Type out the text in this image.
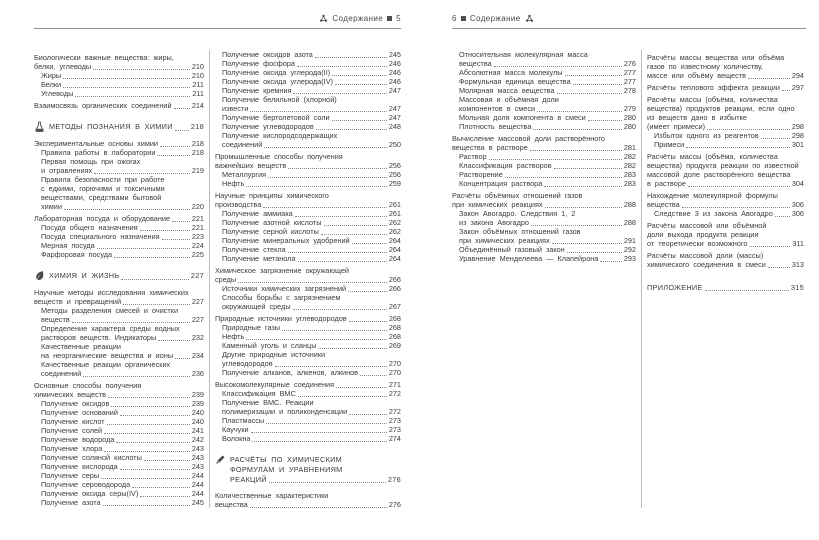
Содержание 5
Биологически важные вещества: жиры,
белки, углеводы	210
Жиры	210
Белки	211
Углеводы	211
Взаимосвязь органических соединений	214
МЕТОДЫ ПОЗНАНИЯ В ХИМИИ 218
Экспериментальные основы химии	218
Правила работы в лаборатории	218
Первая помощь при ожогах
и отравлениях	219
Правила безопасности при работе
с едкими, горючими и токсичными
веществами, средствами бытовой
химии	220
Лабораторная посуда и оборудование	221
Посуда общего назначения	221
Посуда специального назначения	223
Мерная посуда	224
Фарфоровая посуда	225
ХИМИЯ И ЖИЗНЬ	227
Научные методы исследования химических
веществ и превращений	227
Методы разделения смесей и очистки
веществ	227
Определение характера среды водных
растворов веществ. Индикаторы	232
Качественные реакции
на неорганические вещества и ионы	234
Качественные реакции органических
соединений	236
Основные способы получения
химических веществ	239
Получение оксидов	239
Получение оснований	240
Получение кислот	240
Получение солей	241
Получение водорода	242
Получение хлора	243
Получение соляной кислоты	243
Получение кислорода	243
Получение серы	244
Получение сероводорода	244
Получение оксида серы(IV)	244
Получение азота	245
Получение оксидов азота	245
Получение фосфора	246
Получение оксида углерода(II)	246
Получение оксида углерода(IV)	246
Получение кремния	247
Получение белильной (хлорной)
извести	247
Получение бертолетовой соли	247
Получение углеводородов	248
Получение кислородсодержащих
соединений	250
Промышленные способы получения
важнейших веществ	256
Металлургия	256
Нефть	259
Научные принципы химического
производства	261
Получение аммиака	261
Получение азотной кислоты	262
Получение серной кислоты	262
Получение минеральных удобрений	264
Получение стекла	264
Получение метанола	264
Химическое загрязнение окружающей
среды	266
Источники химических загрязнений	266
Способы борьбы с загрязнением
окружающей среды	267
Природные источники углеводородов	268
Природные газы	268
Нефть	268
Каменный уголь и сланцы	269
Другие природные источники
углеводородов	270
Получение алканов, алкенов, алкинов	270
Высокомолекулярные соединения	271
Классификация ВМС	272
Получение ВМС. Реакции
полимеризации и поликонденсации	272
Пластмассы	273
Каучуки	273
Волокна	274
РАСЧЁТЫ ПО ХИМИЧЕСКИМ
ФОРМУЛАМ И УРАВНЕНИЯМ
РЕАКЦИЙ	276
Количественные характеристики
вещества	276
6 Содержание
Относительная молекулярная масса
вещества	276
Абсолютная масса молекулы	277
Формульная единица вещества	277
Молярная масса вещества	278
Массовая и объёмная доли
компонентов в смеси	279
Мольная доля компонента в смеси	280
Плотность вещества	280
Вычисление массовой доли растворённого
вещества в растворе	281
Раствор	282
Классификация растворов	282
Растворение	283
Концентрация раствора	283
Расчёты объёмных отношений газов
при химических реакциях	288
Закон Авогадро. Следствия 1, 2
из закона Авогадро	288
Закон объёмных отношений газов
при химических реакциях	291
Объединённый газовый закон	292
Уравнение Менделеева — Клапейрона	293
Расчёты массы вещества или объёма
газов по известному количеству,
массе или объёму веществ	294
Расчёты теплового эффекта реакции 297
Расчёты массы (объёма, количества
вещества) продуктов реакции, если одно
из веществ дано в избытке
(имеет примеси)	298
Избыток одного из реагентов	298
Примеси	301
Расчёты массы (объёма, количества
вещества) продукта реакции по известной
массовой доле растворённого вещества
в растворе	304
Нахождение молекулярной формулы
вещества	306
Следствие 3 из закона Авогадро	306
Расчёты массовой или объёмной
доли выхода продукта реакции
от теоретически возможного	311
Расчёты массовой доли (массы)
химического соединения в смеси	313
ПРИЛОЖЕНИЕ	315
